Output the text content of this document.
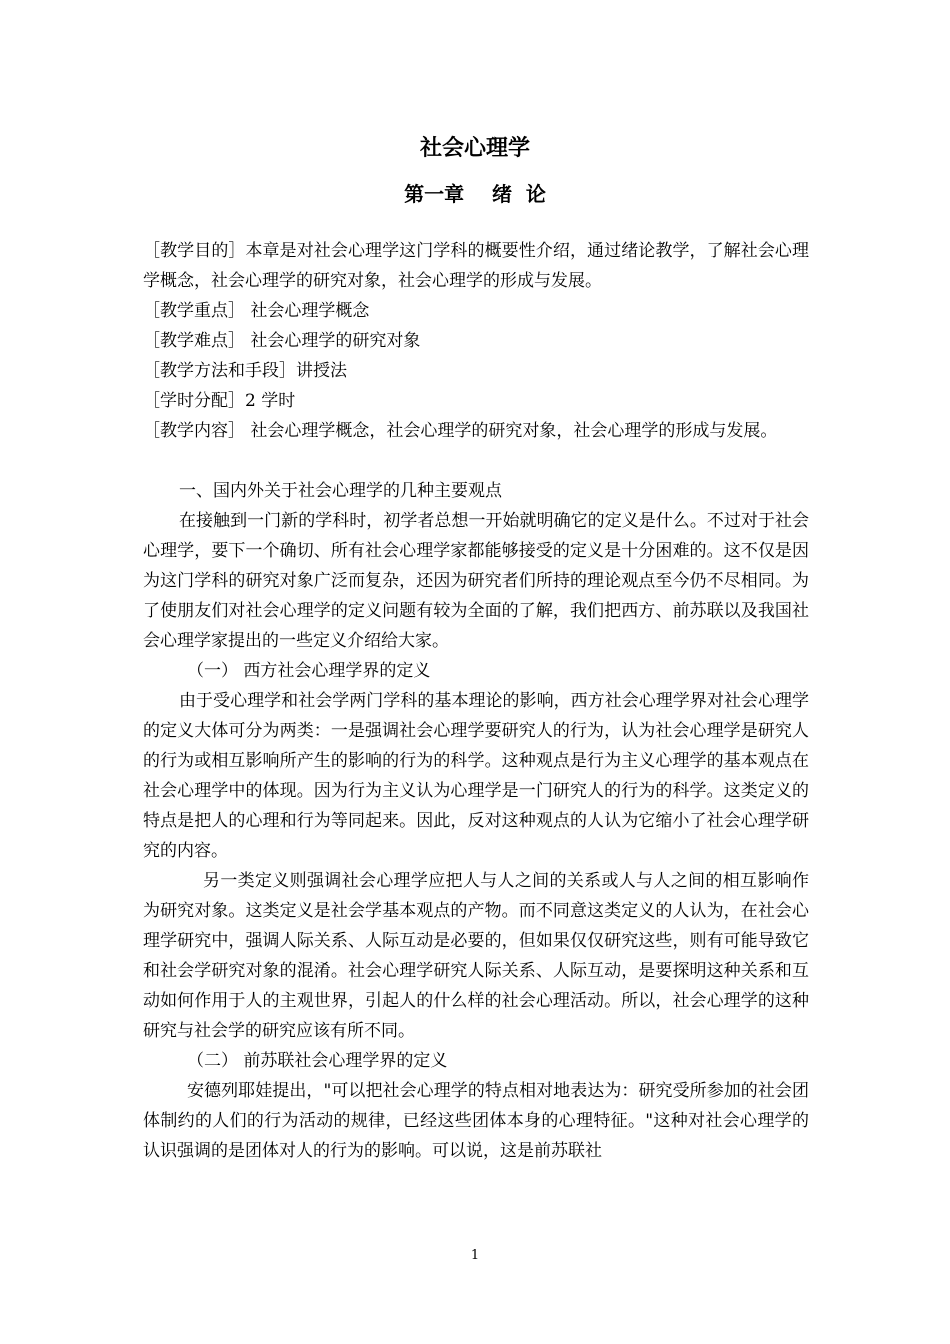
社会心理学
第一章    绪  论

［教学目的］本章是对社会心理学这门学科的概要性介绍，通过绪论教学，了解社会心理学概念，社会心理学的研究对象，社会心理学的形成与发展。

［教学重点］ 社会心理学概念

［教学难点］ 社会心理学的研究对象

［教学方法和手段］讲授法

［学时分配］2 学时

［教学内容］ 社会心理学概念，社会心理学的研究对象，社会心理学的形成与发展。

一、国内外关于社会心理学的几种主要观点

在接触到一门新的学科时，初学者总想一开始就明确它的定义是什么。不过对于社会心理学，要下一个确切、所有社会心理学家都能够接受的定义是十分困难的。这不仅是因为这门学科的研究对象广泛而复杂，还因为研究者们所持的理论观点至今仍不尽相同。为了使朋友们对社会心理学的定义问题有较为全面的了解，我们把西方、前苏联以及我国社会心理学家提出的一些定义介绍给大家。

（一） 西方社会心理学界的定义

由于受心理学和社会学两门学科的基本理论的影响，西方社会心理学界对社会心理学的定义大体可分为两类：一是强调社会心理学要研究人的行为，认为社会心理学是研究人的行为或相互影响所产生的影响的行为的科学。这种观点是行为主义心理学的基本观点在社会心理学中的体现。因为行为主义认为心理学是一门研究人的行为的科学。这类定义的特点是把人的心理和行为等同起来。因此，反对这种观点的人认为它缩小了社会心理学研究的内容。

另一类定义则强调社会心理学应把人与人之间的关系或人与人之间的相互影响作为研究对象。这类定义是社会学基本观点的产物。而不同意这类定义的人认为，在社会心理学研究中，强调人际关系、人际互动是必要的，但如果仅仅研究这些，则有可能导致它和社会学研究对象的混淆。社会心理学研究人际关系、人际互动，是要探明这种关系和互动如何作用于人的主观世界，引起人的什么样的社会心理活动。所以，社会心理学的这种研究与社会学的研究应该有所不同。

（二） 前苏联社会心理学界的定义

安德列耶娃提出，"可以把社会心理学的特点相对地表达为：研究受所参加的社会团体制约的人们的行为活动的规律，已经这些团体本身的心理特征。"这种对社会心理学的认识强调的是团体对人的行为的影响。可以说，这是前苏联社

1
